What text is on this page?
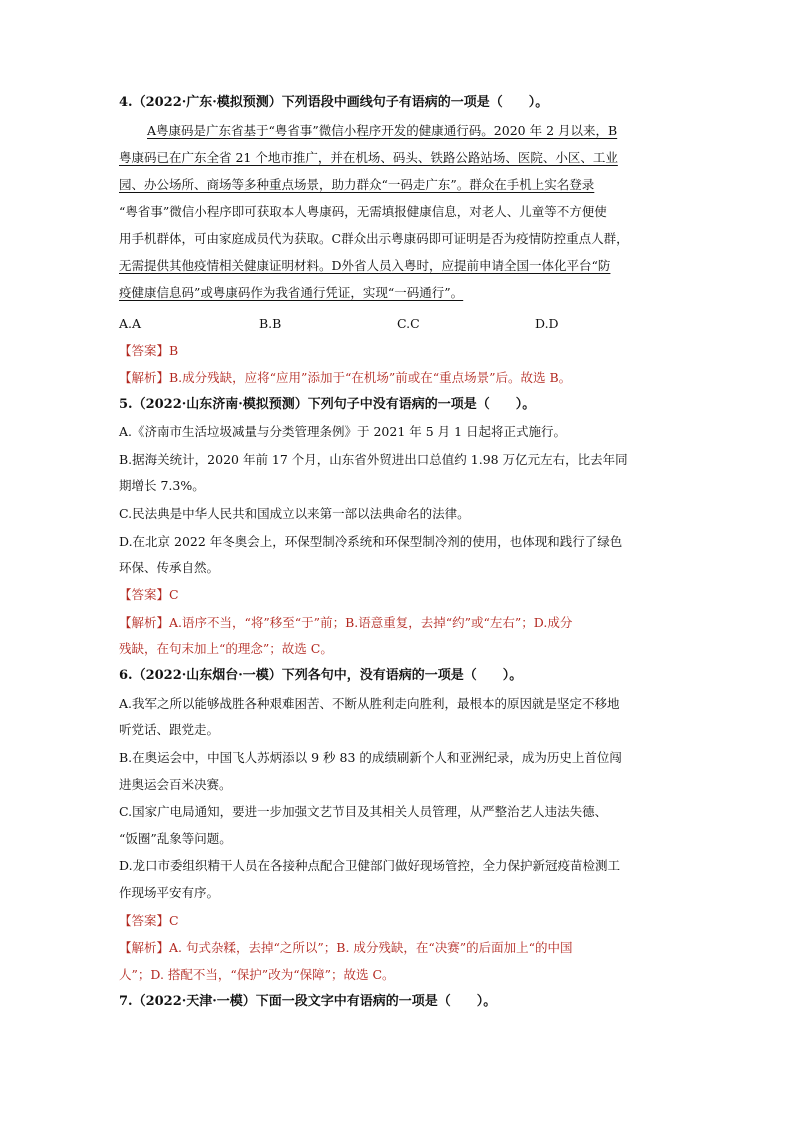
4.（2022·广东·模拟预测）下列语段中画线句子有语病的一项是（　　）。
A粤康码是广东省基于“粤省事”微信小程序开发的健康通行码。2020 年 2 月以来，B
粤康码已在广东全省 21 个地市推广，并在机场、码头、铁路公路站场、医院、小区、工业
园、办公场所、商场等多种重点场景，助力群众“一码走广东”。群众在手机上实名登录
“粤省事”微信小程序即可获取本人粤康码，无需填报健康信息，对老人、儿童等不方便使
用手机群体，可由家庭成员代为获取。C群众出示粤康码即可证明是否为疫情防控重点人群，
无需提供其他疫情相关健康证明材料。D外省人员入粤时，应提前申请全国一体化平台“防
疫健康信息码”或粤康码作为我省通行凭证，实现“一码通行”。
A.A	B.B	C.C	D.D
【答案】B
【解析】B.成分残缺，应将“应用”添加于“在机场”前或在“重点场景”后。故选 B。
5.（2022·山东济南·模拟预测）下列句子中没有语病的一项是（　　）。
A.《济南市生活垃圾减量与分类管理条例》于 2021 年 5 月 1 日起将正式施行。
B.据海关统计，2020 年前 17 个月，山东省外贸进出口总值约 1.98 万亿元左右，比去年同
期增长 7.3%。
C.民法典是中华人民共和国成立以来第一部以法典命名的法律。
D.在北京 2022 年冬奥会上，环保型制冷系统和环保型制冷剂的使用，也体现和践行了绿色
环保、传承自然。
【答案】C
【解析】A.语序不当，“将”移至“于”前；B.语意重复，去掉“约”或“左右”；D.成分
残缺，在句末加上“的理念”；故选 C。
6.（2022·山东烟台·一模）下列各句中，没有语病的一项是（　　）。
A.我军之所以能够战胜各种艰难困苦、不断从胜利走向胜利，最根本的原因就是坚定不移地
听党话、跟党走。
B.在奥运会中，中国飞人苏炳添以 9 秒 83 的成绩刷新个人和亚洲纪录，成为历史上首位闯
进奥运会百米决赛。
C.国家广电局通知，要进一步加强文艺节目及其相关人员管理，从严整治艺人违法失德、
“饭圈”乱象等问题。
D.龙口市委组织精干人员在各接种点配合卫健部门做好现场管控，全力保护新冠疫苗检测工
作现场平安有序。
【答案】C
【解析】A. 句式杂糅，去掉“之所以”；B. 成分残缺，在“决赛”的后面加上“的中国
人”；D. 搭配不当，“保护”改为“保障”；故选 C。
7.（2022·天津·一模）下面一段文字中有语病的一项是（　　）。
